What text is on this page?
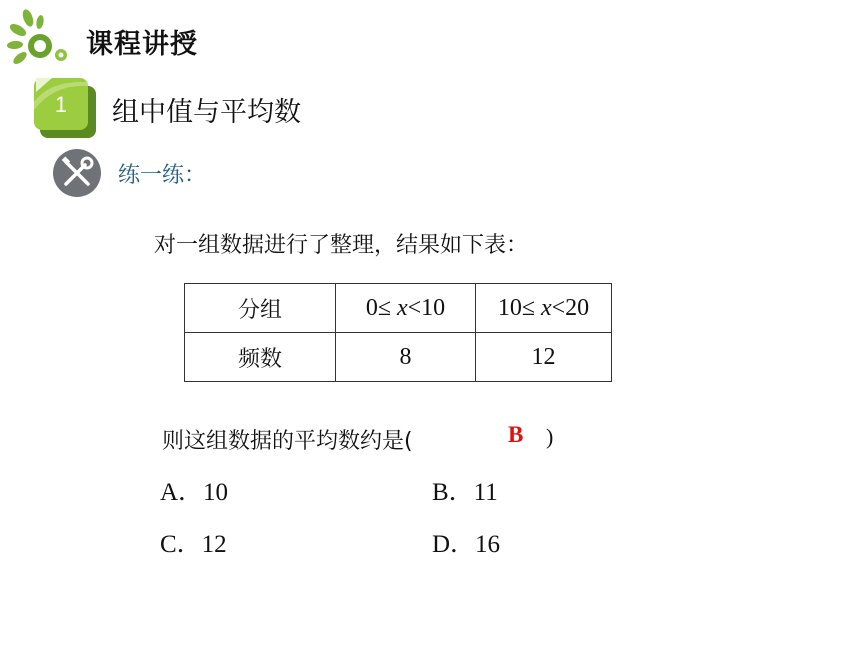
课程讲授
1 组中值与平均数
练一练：
对一组数据进行了整理，结果如下表：
分组	0≤ x<10	10≤ x<20
频数	8	12
则这组数据的平均数约是(	B )
A．10	B．11
C．12	D．16
